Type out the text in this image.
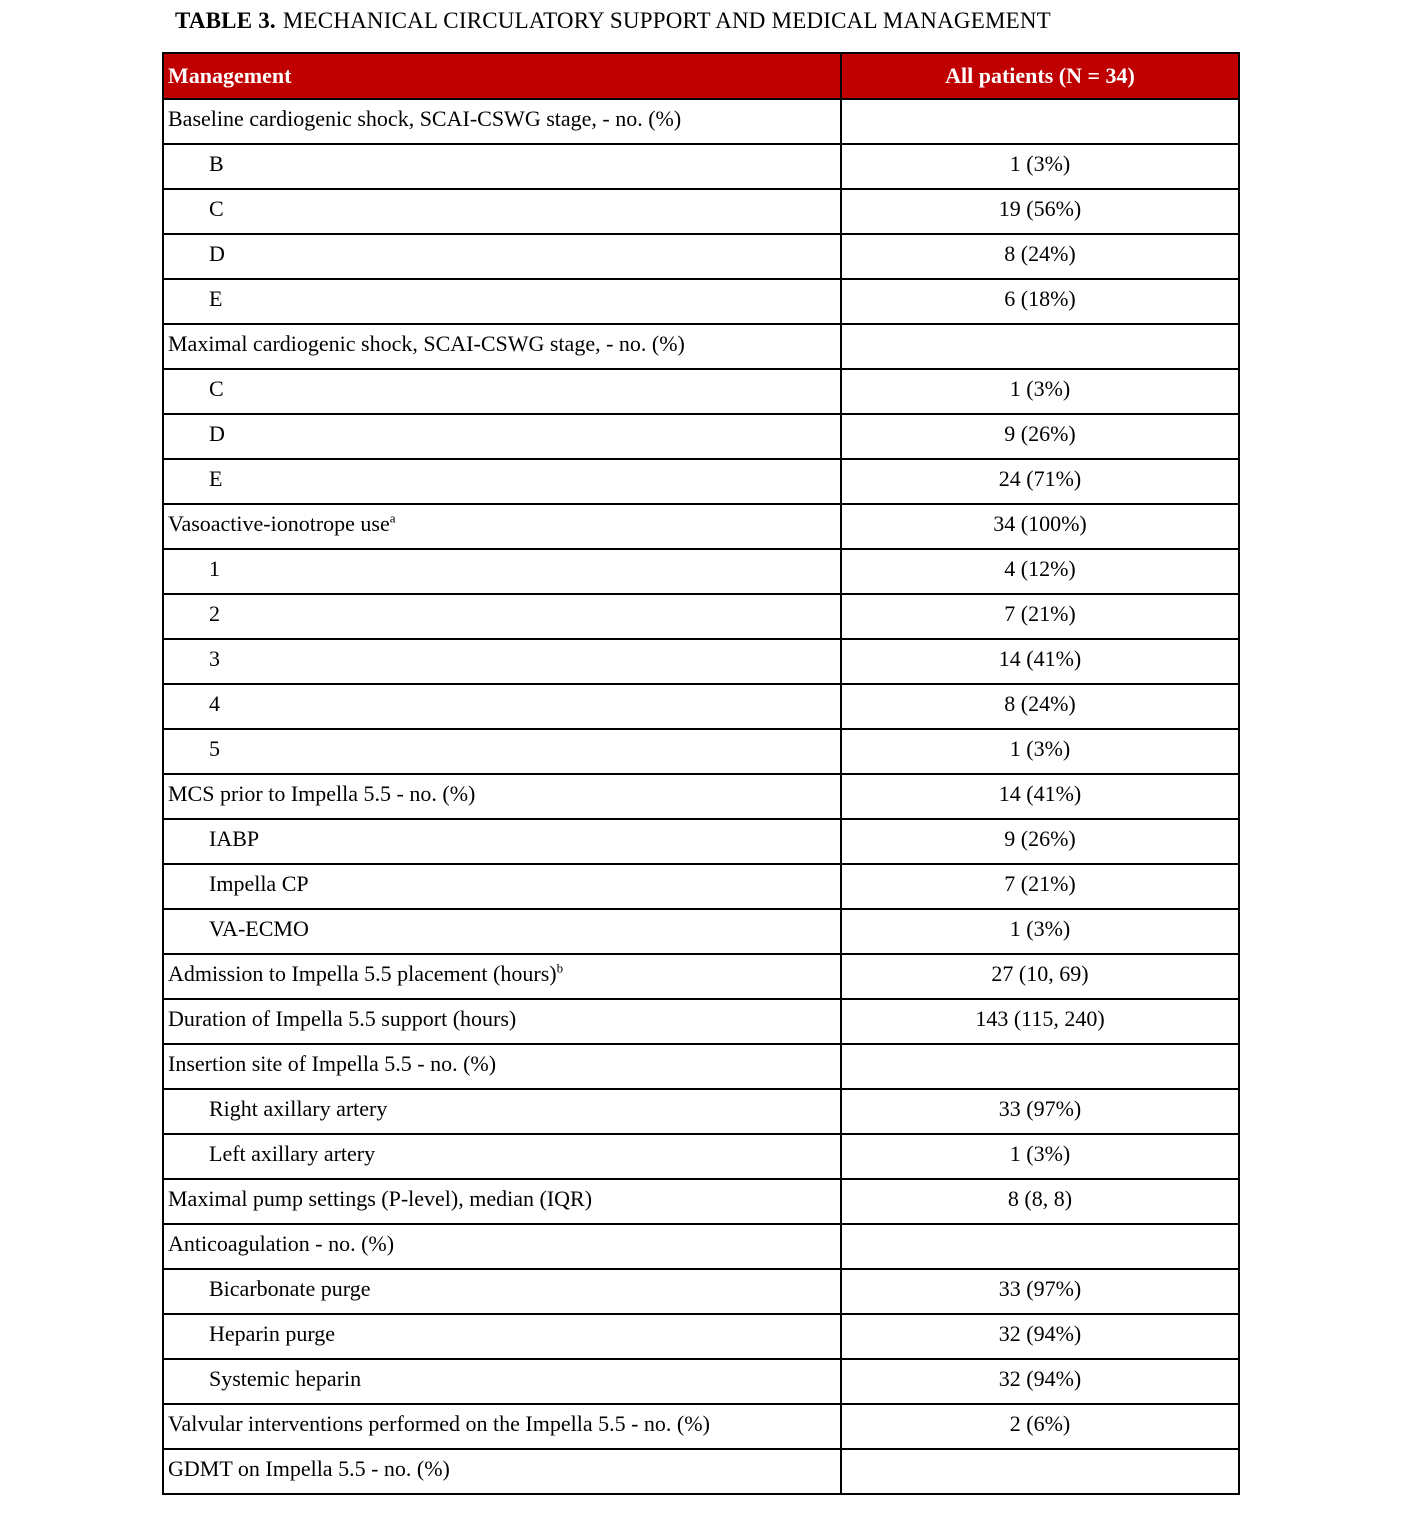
TABLE 3. MECHANICAL CIRCULATORY SUPPORT AND MEDICAL MANAGEMENT
Management	All patients (N = 34)
Baseline cardiogenic shock, SCAI-CSWG stage, - no. (%)	
B	1 (3%)
C	19 (56%)
D	8 (24%)
E	6 (18%)
Maximal cardiogenic shock, SCAI-CSWG stage, - no. (%)	
C	1 (3%)
D	9 (26%)
E	24 (71%)
Vasoactive-ionotrope use$^a$	34 (100%)
1	4 (12%)
2	7 (21%)
3	14 (41%)
4	8 (24%)
5	1 (3%)
MCS prior to Impella 5.5 - no. (%)	14 (41%)
IABP	9 (26%)
Impella CP	7 (21%)
VA-ECMO	1 (3%)
Admission to Impella 5.5 placement (hours)$^b$	27 (10, 69)
Duration of Impella 5.5 support (hours)	143 (115, 240)
Insertion site of Impella 5.5 - no. (%)	
Right axillary artery	33 (97%)
Left axillary artery	1 (3%)
Maximal pump settings (P-level), median (IQR)	8 (8, 8)
Anticoagulation - no. (%)	
Bicarbonate purge	33 (97%)
Heparin purge	32 (94%)
Systemic heparin	32 (94%)
Valvular interventions performed on the Impella 5.5 - no. (%)	2 (6%)
GDMT on Impella 5.5 - no. (%)	
